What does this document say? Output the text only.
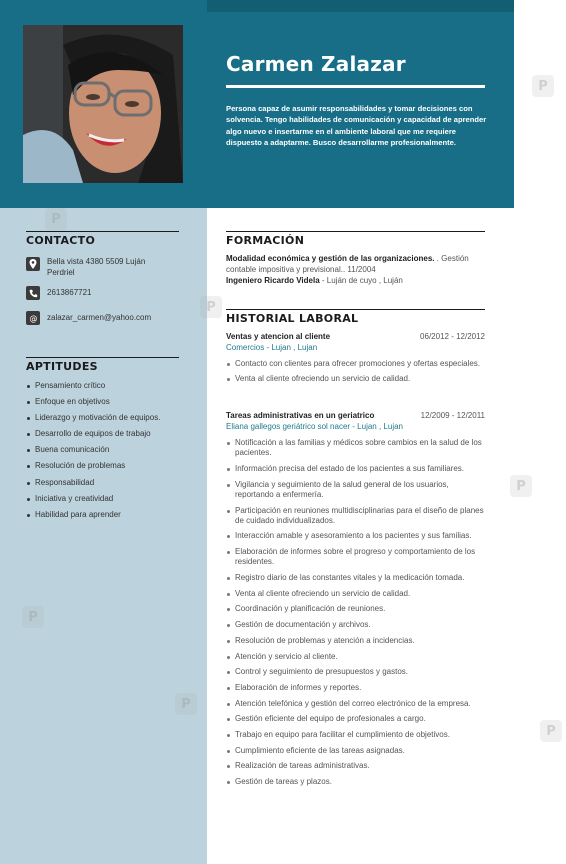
Carmen Zalazar
Persona capaz de asumir responsabilidades y tomar decisiones con solvencia. Tengo habilidades de comunicación y capacidad de aprender algo nuevo e insertarme en el ambiente laboral que me requiere dispuesto a adaptarme. Busco desarrollarme profesionalmente.
CONTACTO
Bella vista 4380 5509 Luján Perdriel
2613867721
@ zalazar_carmen@yahoo.com
APTITUDES
Pensamiento crítico
Enfoque en objetivos
Liderazgo y motivación de equipos.
Desarrollo de equipos de trabajo
Buena comunicación
Resolución de problemas
Responsabilidad
Iniciativa y creatividad
Habilidad para aprender
FORMACIÓN
Modalidad económica y gestión de las organizaciones. . Gestión contable impositiva y previsional.. 11/2004
Ingeniero Ricardo Videla - Luján de cuyo , Luján
HISTORIAL LABORAL
Ventas y atencion al cliente	06/2012 - 12/2012
Comercios - Lujan , Lujan
Contacto con clientes para ofrecer promociones y ofertas especiales.
Venta al cliente ofreciendo un servicio de calidad.
Tareas administrativas en un geriatrico	12/2009 - 12/2011
Eliana gallegos geriátrico sol nacer - Lujan , Lujan
Notificación a las familias y médicos sobre cambios en la salud de los pacientes.
Información precisa del estado de los pacientes a sus familiares.
Vigilancia y seguimiento de la salud general de los usuarios, reportando a enfermería.
Participación en reuniones multidisciplinarias para el diseño de planes de cuidado individualizados.
Interacción amable y asesoramiento a los pacientes y sus familias.
Elaboración de informes sobre el progreso y comportamiento de los residentes.
Registro diario de las constantes vitales y la medicación tomada.
Venta al cliente ofreciendo un servicio de calidad.
Coordinación y planificación de reuniones.
Gestión de documentación y archivos.
Resolución de problemas y atención a incidencias.
Atención y servicio al cliente.
Control y seguimiento de presupuestos y gastos.
Elaboración de informes y reportes.
Atención telefónica y gestión del correo electrónico de la empresa.
Gestión eficiente del equipo de profesionales a cargo.
Trabajo en equipo para facilitar el cumplimiento de objetivos.
Cumplimiento eficiente de las tareas asignadas.
Realización de tareas administrativas.
Gestión de tareas y plazos.
P
P
P
P
P
P
P
